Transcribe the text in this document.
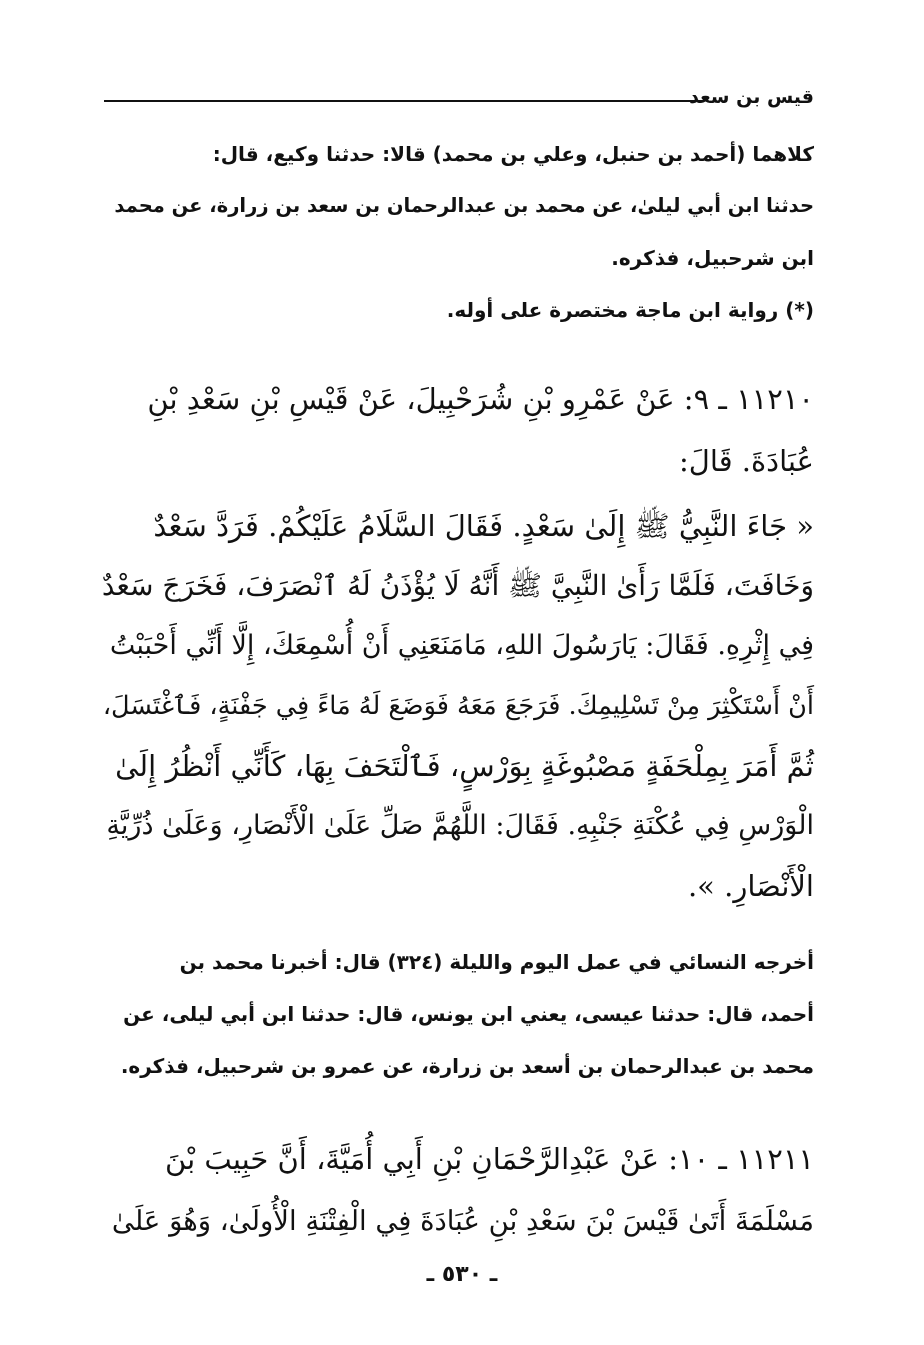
قيس بن سعد
كلاهما (أحمد بن حنبل، وعلي بن محمد) قالا: حدثنا وكيع، قال:
حدثنا ابن أبي ليلىٰ، عن محمد بن عبدالرحمان بن سعد بن زرارة، عن محمد
ابن شرحبيل، فذكره.
(*) رواية ابن ماجة مختصرة على أوله.
١١٢١٠ ـ ٩: عَنْ عَمْرِو بْنِ شُرَحْبِيلَ، عَنْ قَيْسِ بْنِ سَعْدِ بْنِ
عُبَادَةَ. قَالَ:
« جَاءَ النَّبِيُّ ﷺ إِلَىٰ سَعْدٍ. فَقَالَ السَّلَامُ عَلَيْكُمْ. فَرَدَّ سَعْدٌ
وَخَافَتَ، فَلَمَّا رَأَىٰ النَّبِيَّ ﷺ أَنَّهُ لَا يُؤْذَنُ لَهُ ٱنْصَرَفَ، فَخَرَجَ سَعْدٌ
فِي إِثْرِهِ. فَقَالَ: يَارَسُولَ اللهِ، مَامَنَعَنِي أَنْ أُسْمِعَكَ، إِلَّا أَنِّي أَحْبَبْتُ
أَنْ أَسْتَكْثِرَ مِنْ تَسْلِيمِكَ. فَرَجَعَ مَعَهُ فَوَضَعَ لَهُ مَاءً فِي جَفْنَةٍ، فَٱغْتَسَلَ،
ثُمَّ أَمَرَ بِمِلْحَفَةٍ مَصْبُوغَةٍ بِوَرْسٍ، فَٱلْتَحَفَ بِهَا، كَأَنِّي أَنْظُرُ إِلَىٰ
الْوَرْسِ فِي عُكْنَةِ جَنْبِهِ. فَقَالَ: اللَّهُمَّ صَلِّ عَلَىٰ الْأَنْصَارِ، وَعَلَىٰ ذُرِّيَّةِ
الْأَنْصَارِ. ».
أخرجه النسائي في عمل اليوم والليلة (٣٢٤) قال: أخبرنا محمد بن
أحمد، قال: حدثنا عيسى، يعني ابن يونس، قال: حدثنا ابن أبي ليلى، عن
محمد بن عبدالرحمان بن أسعد بن زرارة، عن عمرو بن شرحبيل، فذكره.
١١٢١١ ـ ١٠: عَنْ عَبْدِالرَّحْمَانِ بْنِ أَبِي أُمَيَّةَ، أَنَّ حَبِيبَ بْنَ
مَسْلَمَةَ أَتَىٰ قَيْسَ بْنَ سَعْدِ بْنِ عُبَادَةَ فِي الْفِتْنَةِ الْأُولَىٰ، وَهُوَ عَلَىٰ
ـ ٥٣٠ ـ
